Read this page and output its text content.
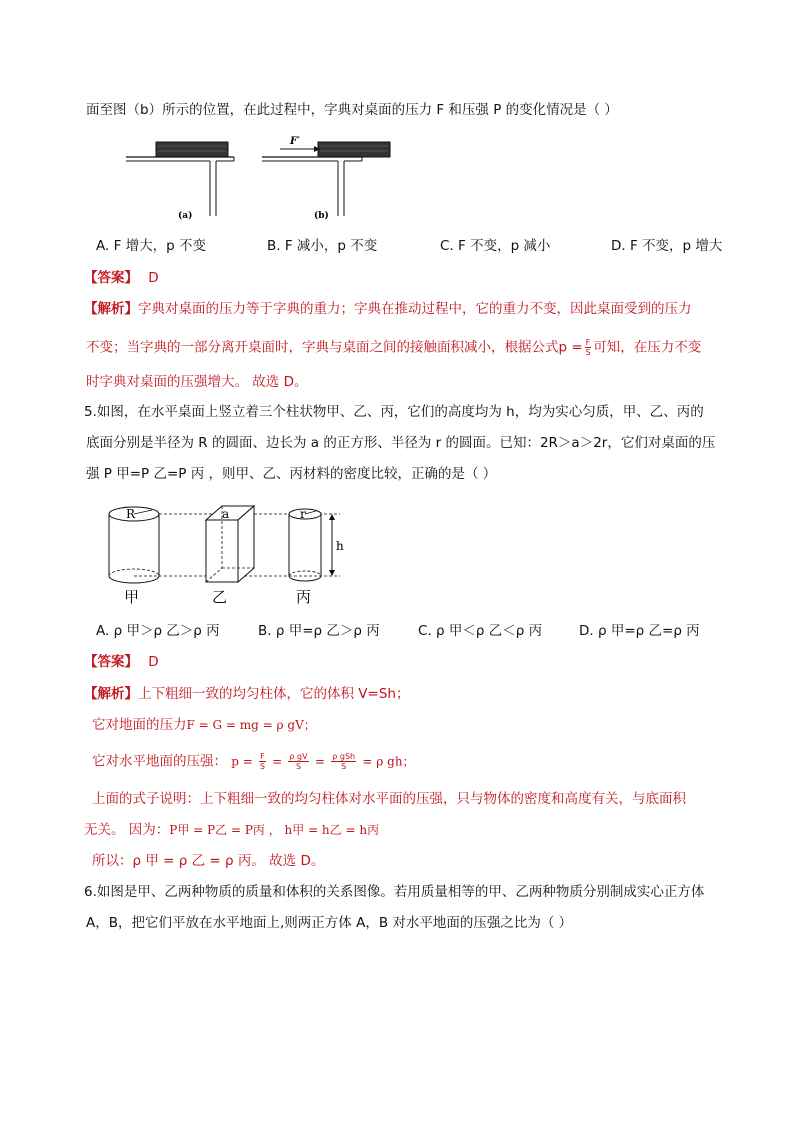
面至图（b）所示的位置，在此过程中，字典对桌面的压力 F 和压强 P 的变化情况是（ ）
(a)
F′
(b)
A. F 增大，p 不变	B. F 减小，p 不变	C. F 不变，p 减小	D. F 不变，p 增大
【答案】 D
【解析】字典对桌面的压力等于字典的重力；字典在推动过程中，它的重力不变，因此桌面受到的压力
不变；当字典的一部分离开桌面时，字典与桌面之间的接触面积减小，根据公式$p = \frac{F}{S}$ 可知，在压力不变
时字典对桌面的压强增大。 故选 D。
5.如图，在水平桌面上竖立着三个柱状物甲、乙、丙，它们的高度均为 h，均为实心匀质，甲、乙、丙的
底面分别是半径为 R 的圆面、边长为 a 的正方形、半径为 r 的圆面。已知：2R＞a＞2r，它们对桌面的压
强 P 甲=P 乙=P 丙 ，则甲、乙、丙材料的密度比较，正确的是（ ）
R	a	r
h
甲	乙	丙
A. ρ 甲＞ρ 乙＞ρ 丙	B. ρ 甲=ρ 乙＞ρ 丙	C. ρ 甲＜ρ 乙＜ρ 丙	D. ρ 甲=ρ 乙=ρ 丙
【答案】 D
【解析】上下粗细一致的均匀柱体，它的体积 V=Sh；
它对地面的压力F = G = mg = ρ gV；
它对水平地面的压强： $p = \frac{F}{S} = \frac{\text{ρ gV}}{S} = \frac{\text{ρ gSh}}{S} = \rho$ gh；
上面的式子说明：上下粗细一致的均匀柱体对水平面的压强，只与物体的密度和高度有关，与底面积
无关。 因为：P甲 = P乙 = P丙 ， h甲 = h乙 = h丙
所以：ρ 甲 = ρ 乙 = ρ 丙。 故选 D。
6.如图是甲、乙两种物质的质量和体积的关系图像。若用质量相等的甲、乙两种物质分别制成实心正方体
A，B，把它们平放在水平地面上,则两正方体 A，B 对水平地面的压强之比为（ ）
